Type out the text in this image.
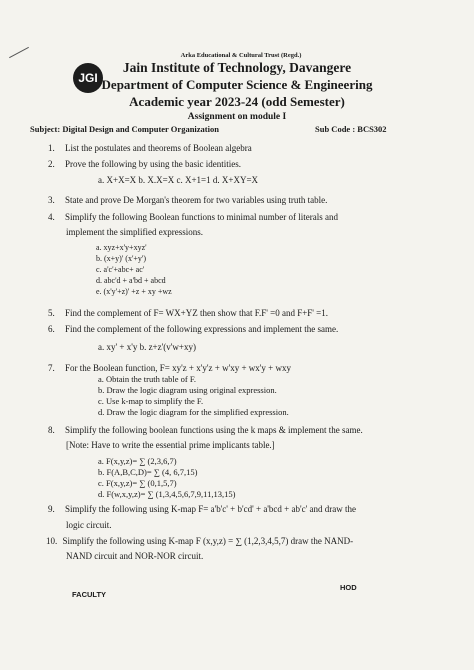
JGI
Arka Educational & Cultural Trust (Regd.)
Jain Institute of Technology, Davangere
Department of Computer Science & Engineering
Academic year 2023-24 (odd Semester)
Assignment on module I
Subject: Digital Design and Computer Organization	Sub Code : BCS302
1. List the postulates and theorems of Boolean algebra
2. Prove the following by using the basic identities.
a. X+X=X b. X.X=X c. X+1=1 d. X+XY=X
3. State and prove De Morgan's theorem for two variables using truth table.
4. Simplify the following Boolean functions to minimal number of literals and
implement the simplified expressions.
a. xyz+x'y+xyz'
b. (x+y)' (x'+y')
c. a'c'+abc+ ac'
d. abc'd + a'bd + abcd
e. (x'y'+z)' +z + xy +wz
5. Find the complement of F= WX+YZ then show that F.F' =0 and F+F' =1.
6. Find the complement of the following expressions and implement the same.
a. xy' + x'y b. z+z'(v'w+xy)
7. For the Boolean function, F= xy'z + x'y'z + w'xy + wx'y + wxy
a. Obtain the truth table of F.
b. Draw the logic diagram using original expression.
c. Use k-map to simplify the F.
d. Draw the logic diagram for the simplified expression.
8. Simplify the following boolean functions using the k maps & implement the same.
[Note: Have to write the essential prime implicants table.]
a. F(x,y,z)= ∑ (2,3,6,7)
b. F(A,B,C,D)= ∑ (4, 6,7,15)
c. F(x,y,z)= ∑ (0,1,5,7)
d. F(w,x,y,z)= ∑ (1,3,4,5,6,7,9,11,13,15)
9. Simplify the following using K-map F= a'b'c' + b'cd' + a'bcd + ab'c' and draw the
logic circuit.
10. Simplify the following using K-map F (x,y,z) = ∑ (1,2,3,4,5,7) draw the NAND-
NAND circuit and NOR-NOR circuit.
FACULTY
HOD
